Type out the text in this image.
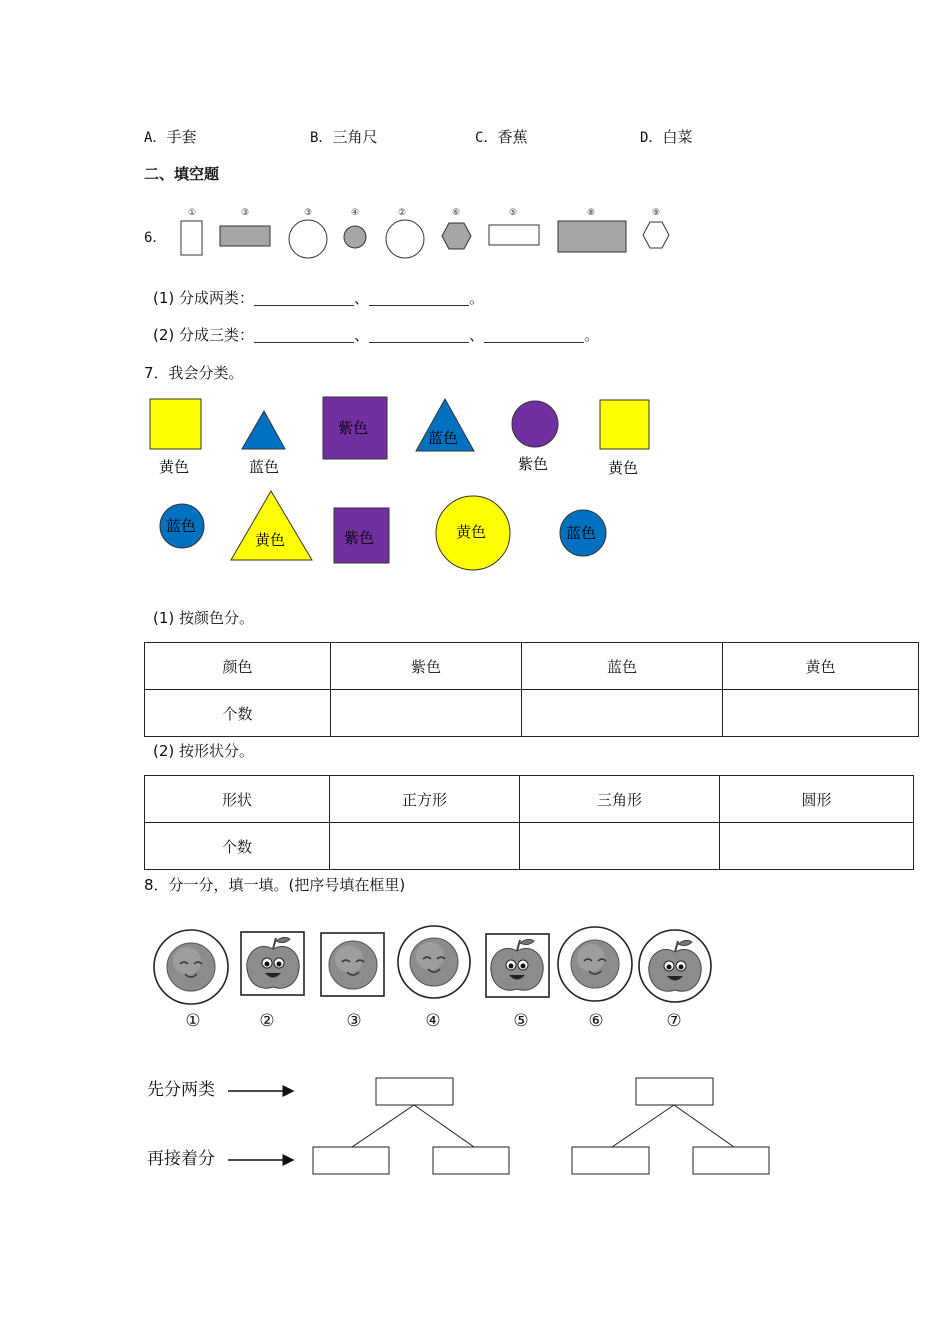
A．手套	B．三角尺	C．香蕉	D．白菜
二、填空题
6．
①	③	③	④	②	⑥	⑤	⑧	⑨
(1) 分成两类：	、	。
(2) 分成三类：	、	、	。
7．我会分类。
黄色	蓝色
紫色
蓝色
紫色	黄色
蓝色
黄色	紫色	黄色	蓝色
(1) 按颜色分。
颜色	紫色	蓝色	黄色
个数			
(2) 按形状分。
形状	正方形	三角形	圆形
个数			
8．分一分，填一填。(把序号填在框里)
①	②	③	④	⑤	⑥	⑦
先分两类
再接着分
